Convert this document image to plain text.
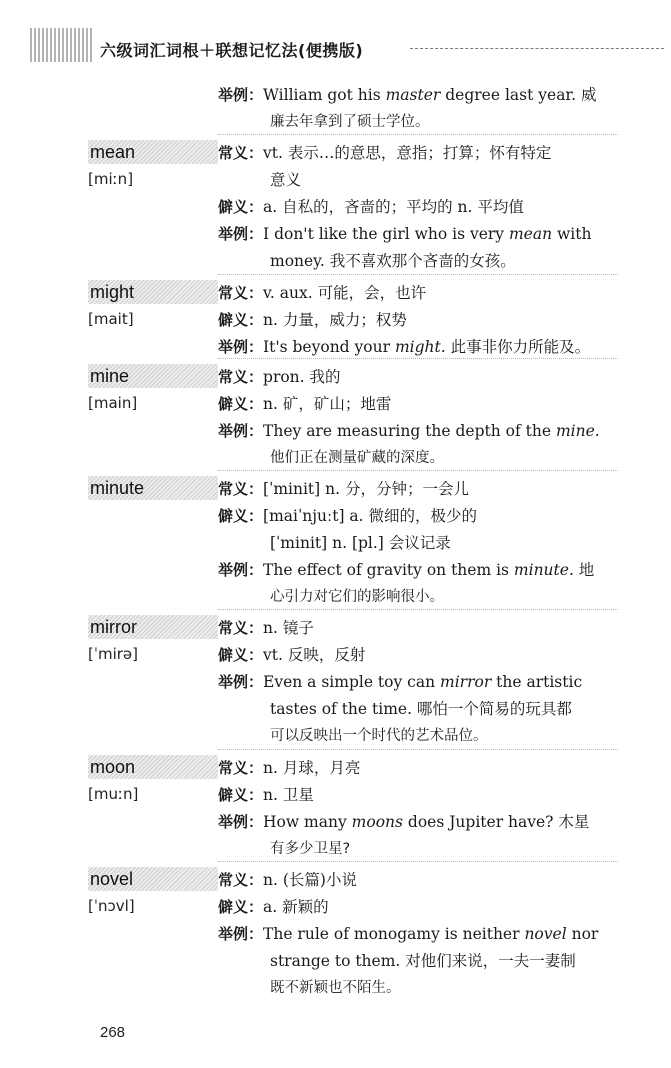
六级词汇词根＋联想记忆法(便携版)
举例：William got his master degree last year. 威
廉去年拿到了硕士学位。
mean
[miːn]
常义：vt. 表示…的意思，意指；打算；怀有特定
意义
僻义：a. 自私的，吝啬的；平均的 n. 平均值
举例：I don't like the girl who is very mean with
money. 我不喜欢那个吝啬的女孩。
might
[mait]
常义：v. aux. 可能，会，也许
僻义：n. 力量，威力；权势
举例：It's beyond your might. 此事非你力所能及。
mine
[main]
常义：pron. 我的
僻义：n. 矿，矿山；地雷
举例：They are measuring the depth of the mine.
他们正在测量矿藏的深度。
minute	常义：[ˈminit] n. 分，分钟；一会儿
僻义：[maiˈnjuːt] a. 微细的，极少的
[ˈminit] n. [pl.] 会议记录
举例：The effect of gravity on them is minute. 地
心引力对它们的影响很小。
mirror
[ˈmirə]
常义：n. 镜子
僻义：vt. 反映，反射
举例：Even a simple toy can mirror the artistic
tastes of the time. 哪怕一个简易的玩具都
可以反映出一个时代的艺术品位。
moon
[muːn]
常义：n. 月球，月亮
僻义：n. 卫星
举例：How many moons does Jupiter have? 木星
有多少卫星?
novel
[ˈnɔvl]
常义：n. (长篇)小说
僻义：a. 新颖的
举例：The rule of monogamy is neither novel nor
strange to them. 对他们来说，一夫一妻制
既不新颖也不陌生。
268
